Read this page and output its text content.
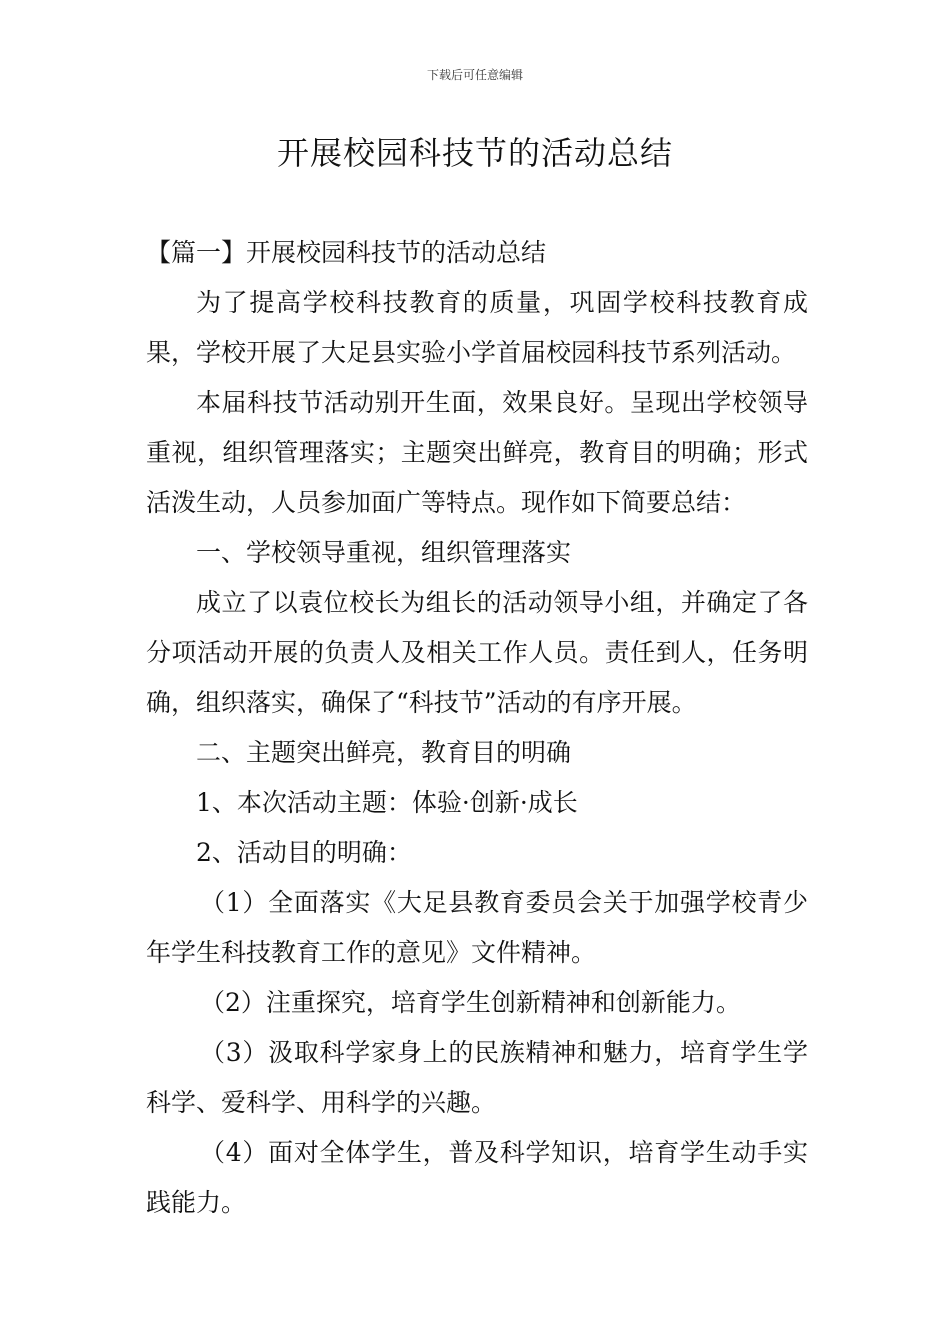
下载后可任意编辑
开展校园科技节的活动总结

【篇一】开展校园科技节的活动总结

为了提高学校科技教育的质量，巩固学校科技教育成果，学校开展了大足县实验小学首届校园科技节系列活动。

本届科技节活动别开生面，效果良好。呈现出学校领导重视，组织管理落实；主题突出鲜亮，教育目的明确；形式活泼生动，人员参加面广等特点。现作如下简要总结：

一、学校领导重视，组织管理落实

成立了以袁位校长为组长的活动领导小组，并确定了各分项活动开展的负责人及相关工作人员。责任到人，任务明确，组织落实，确保了“科技节”活动的有序开展。

二、主题突出鲜亮，教育目的明确

1、本次活动主题：体验·创新·成长

2、活动目的明确：

（1）全面落实《大足县教育委员会关于加强学校青少年学生科技教育工作的意见》文件精神。

（2）注重探究，培育学生创新精神和创新能力。

（3）汲取科学家身上的民族精神和魅力，培育学生学科学、爱科学、用科学的兴趣。

（4）面对全体学生，普及科学知识，培育学生动手实践能力。
